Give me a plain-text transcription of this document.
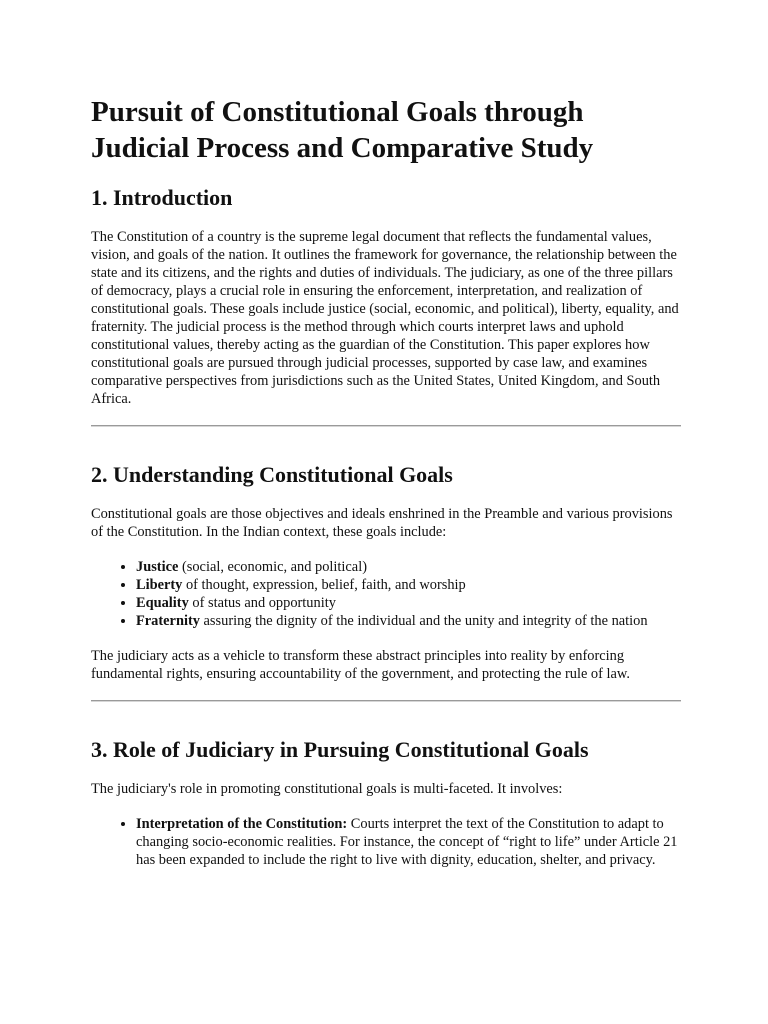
Pursuit of Constitutional Goals through Judicial Process and Comparative Study
1. Introduction

The Constitution of a country is the supreme legal document that reflects the fundamental values, vision, and goals of the nation. It outlines the framework for governance, the relationship between the state and its citizens, and the rights and duties of individuals. The judiciary, as one of the three pillars of democracy, plays a crucial role in ensuring the enforcement, interpretation, and realization of constitutional goals. These goals include justice (social, economic, and political), liberty, equality, and fraternity. The judicial process is the method through which courts interpret laws and uphold constitutional values, thereby acting as the guardian of the Constitution. This paper explores how constitutional goals are pursued through judicial processes, supported by case law, and examines comparative perspectives from jurisdictions such as the United States, United Kingdom, and South Africa.

2. Understanding Constitutional Goals

Constitutional goals are those objectives and ideals enshrined in the Preamble and various provisions of the Constitution. In the Indian context, these goals include:

• Justice (social, economic, and political)
• Liberty of thought, expression, belief, faith, and worship
• Equality of status and opportunity
• Fraternity assuring the dignity of the individual and the unity and integrity of the nation

The judiciary acts as a vehicle to transform these abstract principles into reality by enforcing fundamental rights, ensuring accountability of the government, and protecting the rule of law.

3. Role of Judiciary in Pursuing Constitutional Goals

The judiciary's role in promoting constitutional goals is multi-faceted. It involves:

• Interpretation of the Constitution: Courts interpret the text of the Constitution to adapt to changing socio-economic realities. For instance, the concept of “right to life” under Article 21 has been expanded to include the right to live with dignity, education, shelter, and privacy.
